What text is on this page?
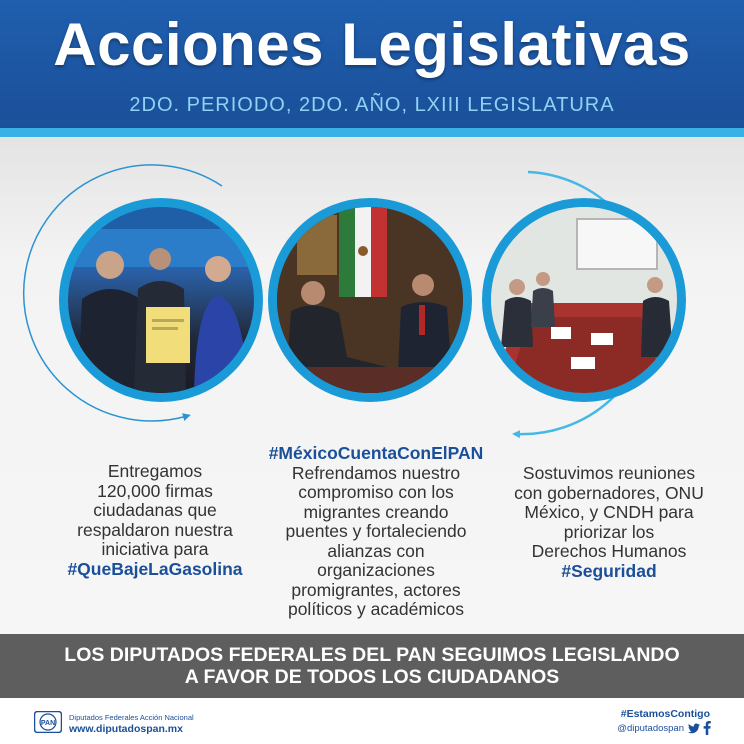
Acciones Legislativas
2DO. PERIODO, 2DO. AÑO, LXIII LEGISLATURA
Entregamos
120,000 firmas
ciudadanas que
respaldaron nuestra
iniciativa para
#QueBajeLaGasolina
#MéxicoCuentaConElPAN
Refrendamos nuestro
compromiso con los
migrantes creando
puentes y fortaleciendo
alianzas con
organizaciones
promigrantes, actores
políticos y académicos
Sostuvimos reuniones
con gobernadores, ONU
México, y CNDH para
priorizar los
Derechos Humanos
#Seguridad
LOS DIPUTADOS FEDERALES DEL PAN SEGUIMOS LEGISLANDO
A FAVOR DE TODOS LOS CIUDADANOS
PAN
Diputados Federales Acción Nacional
www.diputadospan.mx
#EstamosContigo
@diputadospan
